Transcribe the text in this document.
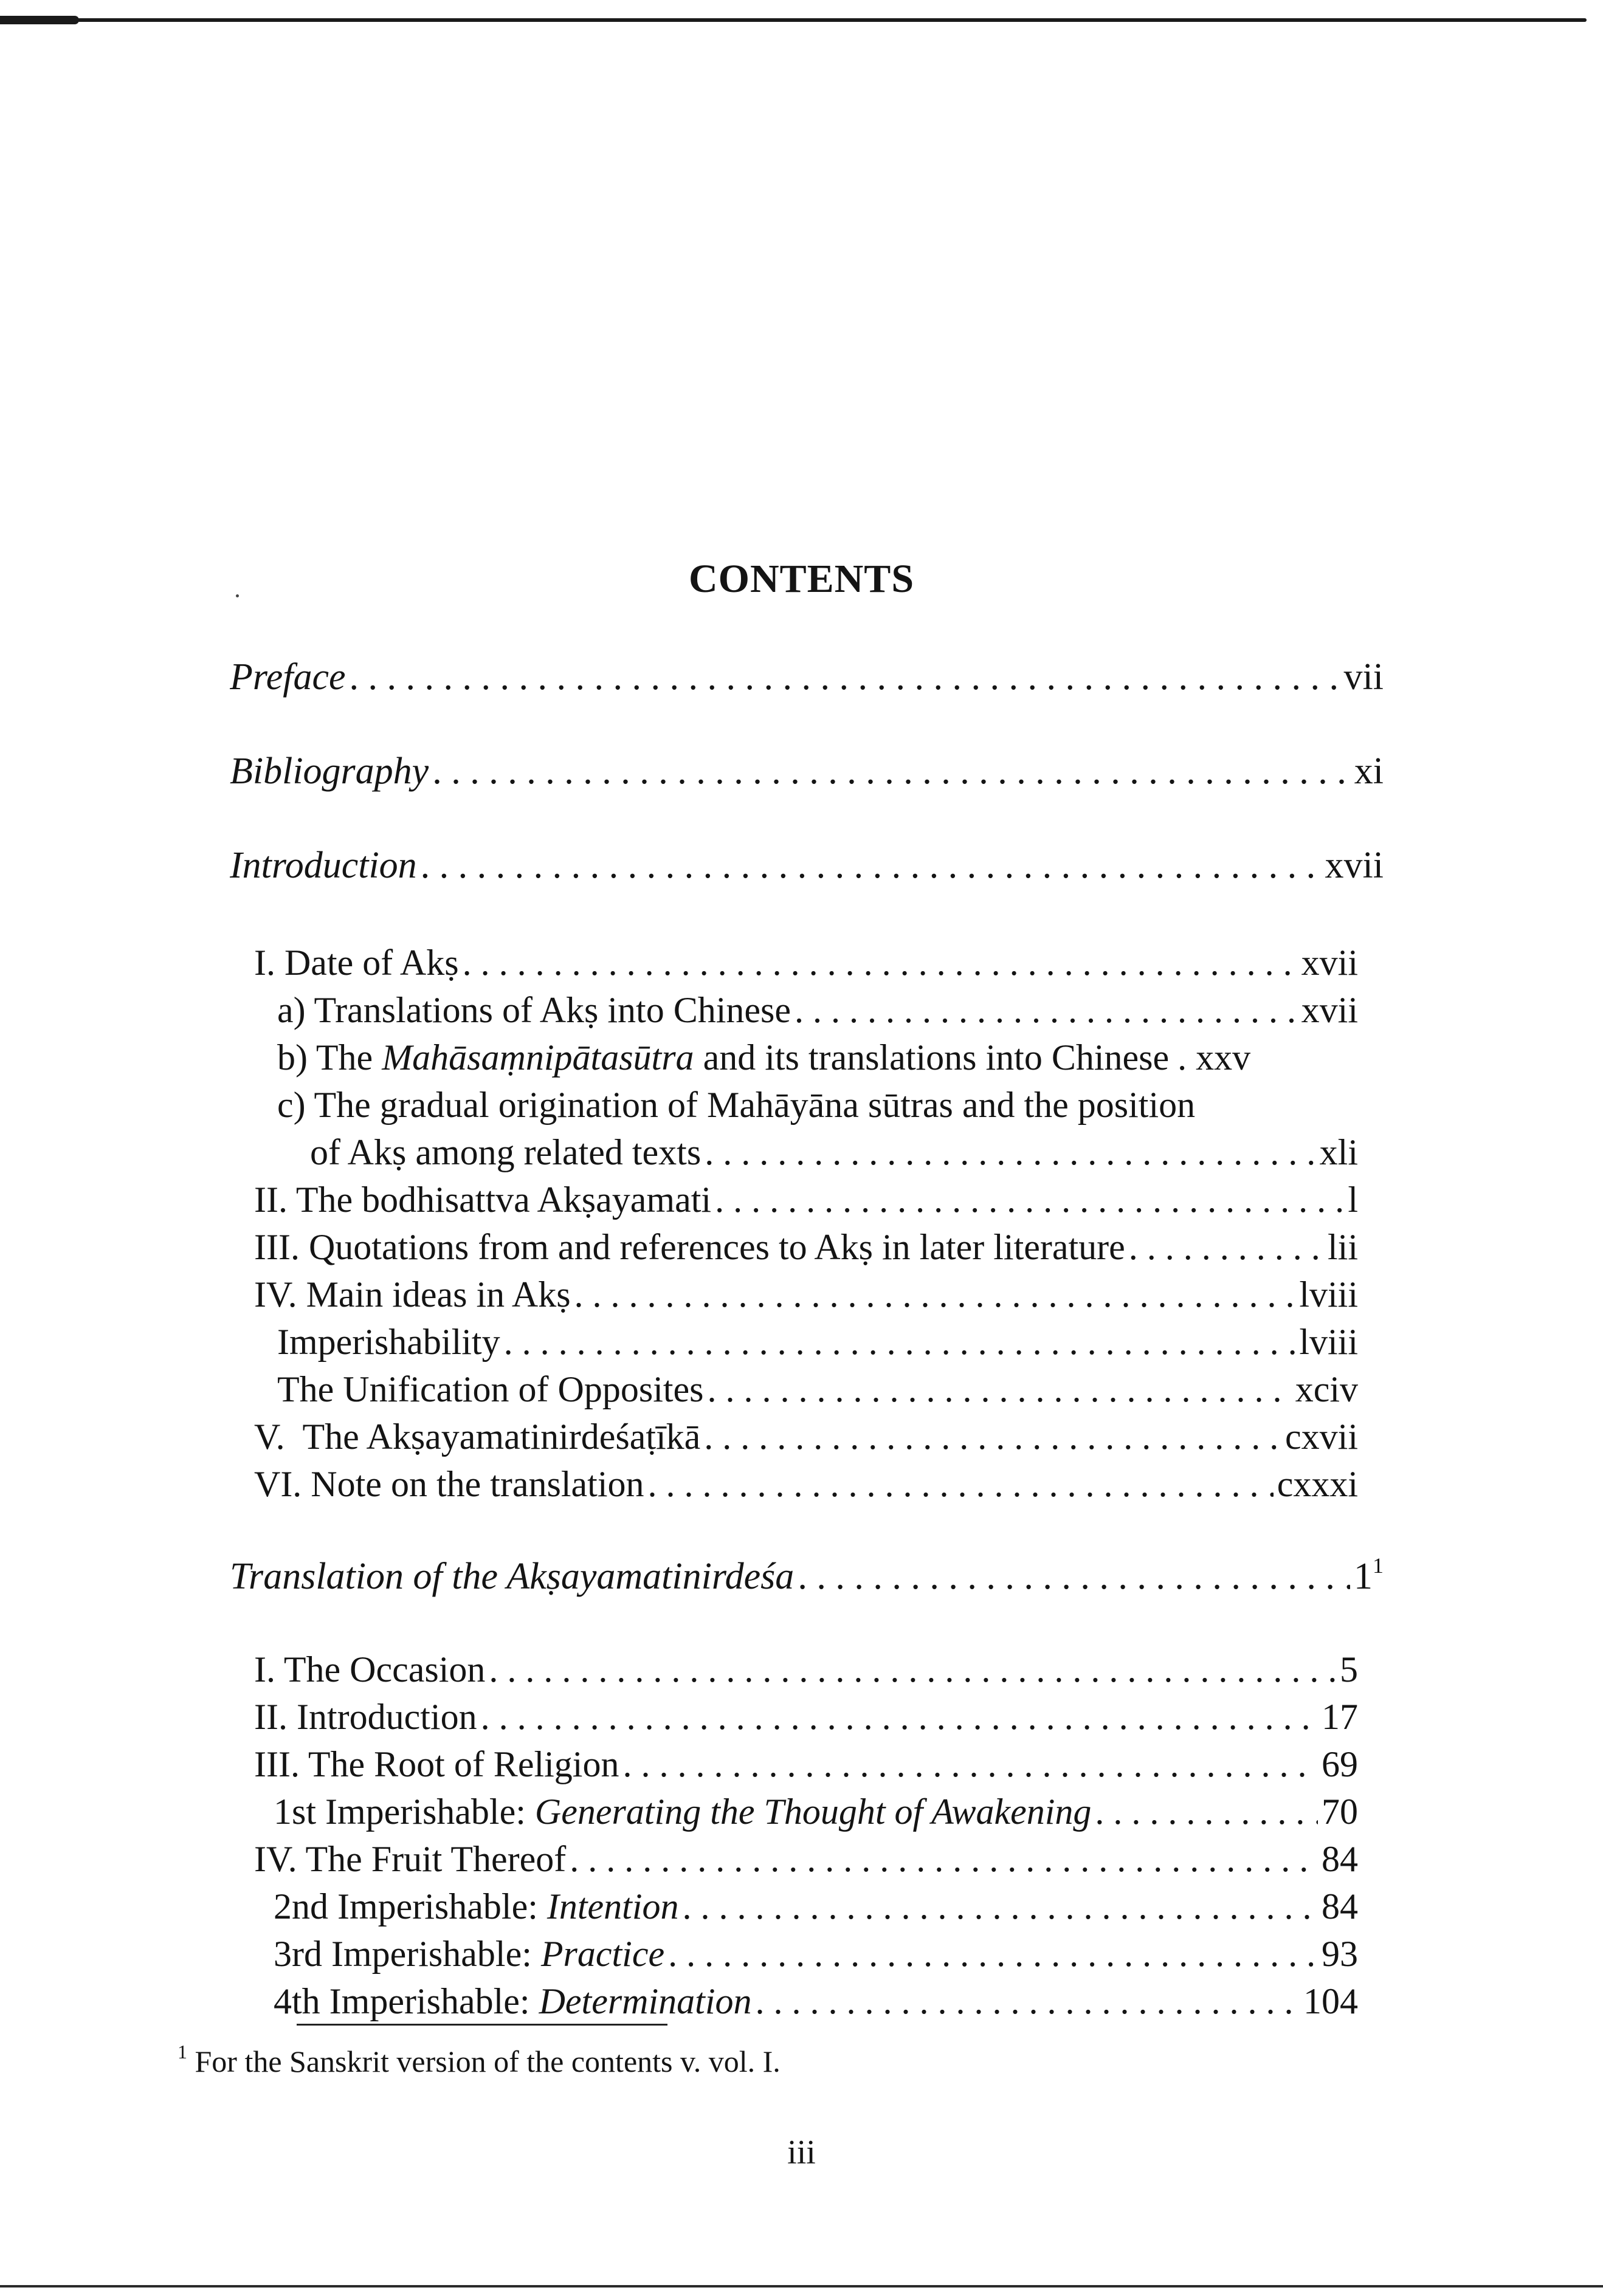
CONTENTS
Preface . . .	vii
Bibliography . . .	xi
Introduction . . .	xvii
I. Date of Akṣ . . .	xvii
a) Translations of Akṣ into Chinese . . .	xvii
b) The Mahāsaṃnipātasūtra and its translations into Chinese . xxv
c) The gradual origination of Mahāyāna sūtras and the position
of Akṣ among related texts . . .	xli
II. The bodhisattva Akṣayamati . . .	l
III. Quotations from and references to Akṣ in later literature . . .	lii
IV. Main ideas in Akṣ . . .	lviii
Imperishability . . .	lviii
The Unification of Opposites . . .	xciv
V.  The Akṣayamatinirdeśaṭīkā . . .	cxvii
VI. Note on the translation . . .	cxxxi
Translation of the Akṣayamatinirdeśa . . .	$1^1$
I. The Occasion . . .	5
II. Introduction . . .	17
III. The Root of Religion . . .	69
1st Imperishable: Generating the Thought of Awakening . . .	70
IV. The Fruit Thereof . . .	84
2nd Imperishable: Intention . . .	84
3rd Imperishable: Practice . . .	93
4th Imperishable: Determination . . .	104
$^1$ For the Sanskrit version of the contents v. vol. I.
iii
